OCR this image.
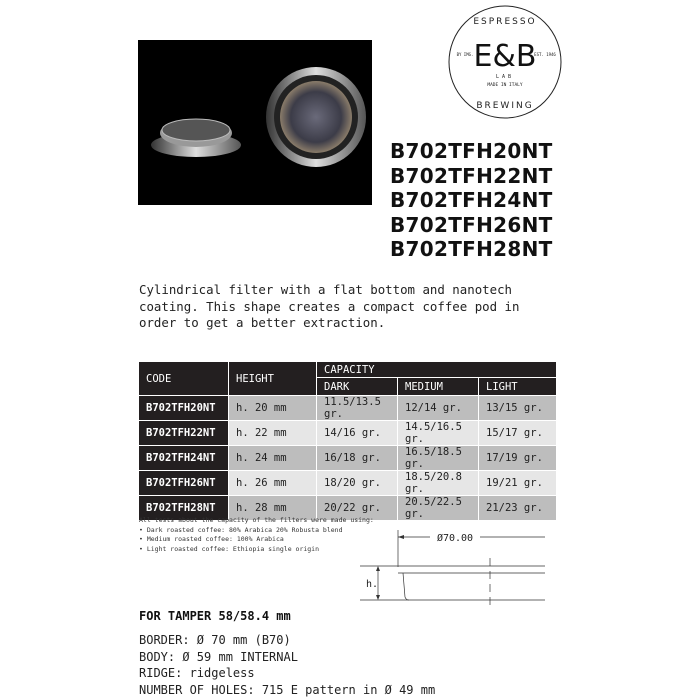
ESPRESSO
E&B
BY IMG.	EST. 1946
LAB
MADE IN ITALY
BREWING
B702TFH20NT
B702TFH22NT
B702TFH24NT
B702TFH26NT
B702TFH28NT

Cylindrical filter with a flat bottom and nanotech coating. This shape creates a compact coffee pod in order to get a better extraction.

CODE	HEIGHT	CAPACITY		
		DARK	MEDIUM	LIGHT
B702TFH20NT	h. 20 mm	11.5/13.5 gr.	12/14 gr.	13/15 gr.
B702TFH22NT	h. 22 mm	14/16 gr.	14.5/16.5 gr.	15/17 gr.
B702TFH24NT	h. 24 mm	16/18 gr.	16.5/18.5 gr.	17/19 gr.
B702TFH26NT	h. 26 mm	18/20 gr.	18.5/20.8 gr.	19/21 gr.
B702TFH28NT	h. 28 mm	20/22 gr.	20.5/22.5 gr.	21/23 gr.
All tests about the capacity of the filters were made using:
• Dark roasted coffee: 80% Arabica 20% Robusta blend
• Medium roasted coffee: 100% Arabica
• Light roasted coffee: Ethiopia single origin
Ø70.00
h.
FOR TAMPER 58/58.4 mm
BORDER: Ø 70 mm (B70)
BODY: Ø 59 mm INTERNAL
RIDGE: ridgeless
NUMBER OF HOLES: 715 E pattern in Ø 49 mm
